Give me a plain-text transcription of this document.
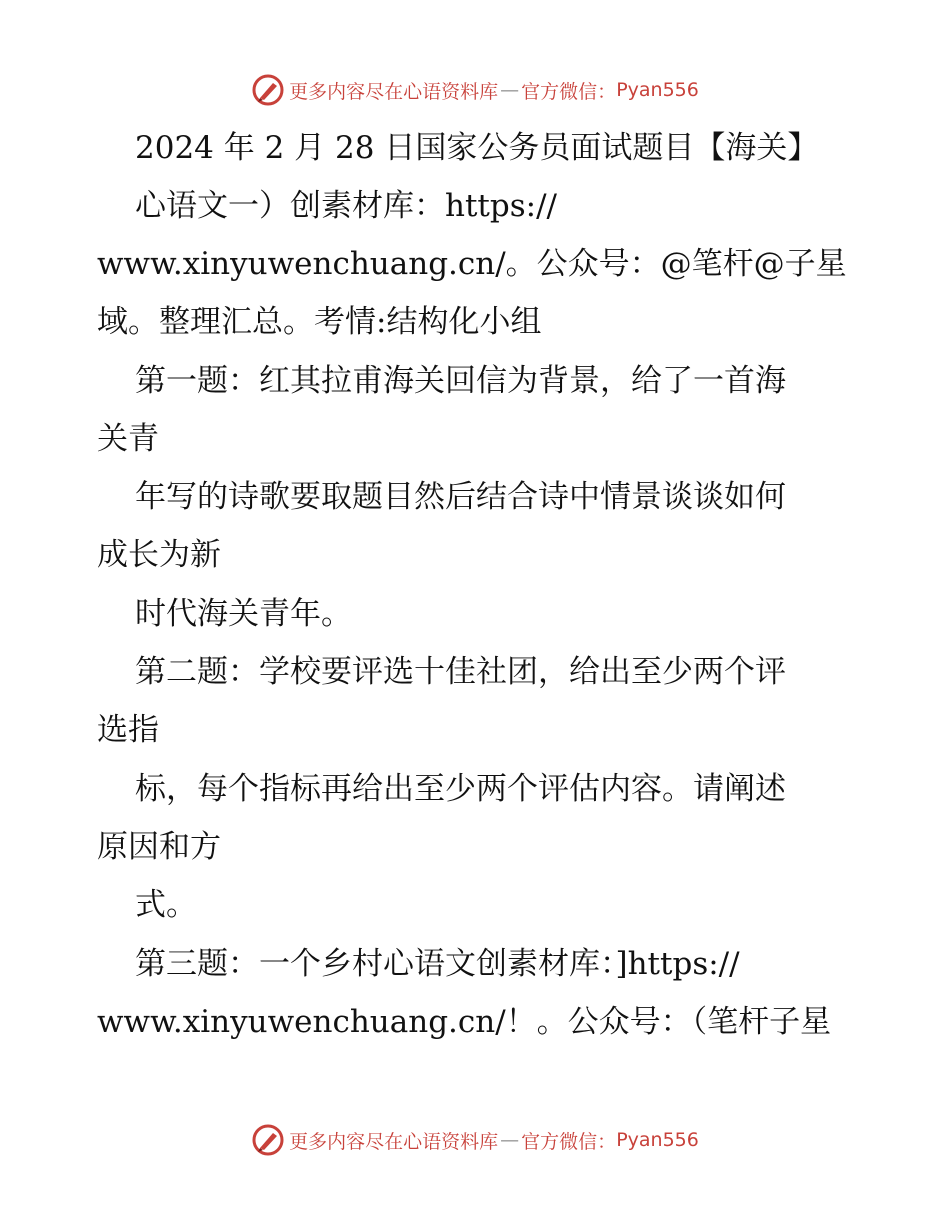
更多内容尽在心语资料库 — 官方微信： Pyan556
2024 年 2 月 28 日国家公务员面试题目【海关】
心语文一）创素材库：https://
www.xinyuwenchuang.cn/。公众号：@笔杆@子星
域。整理汇总。考情:结构化小组
第一题：红其拉甫海关回信为背景，给了一首海
关青
年写的诗歌要取题目然后结合诗中情景谈谈如何
成长为新
时代海关青年。
第二题：学校要评选十佳社团，给出至少两个评
选指
标，每个指标再给出至少两个评估内容。请阐述
原因和方
式。
第三题：一个乡村心语文创素材库：]https://
www.xinyuwenchuang.cn/！。公众号：（笔杆子星
更多内容尽在心语资料库 — 官方微信： Pyan556
